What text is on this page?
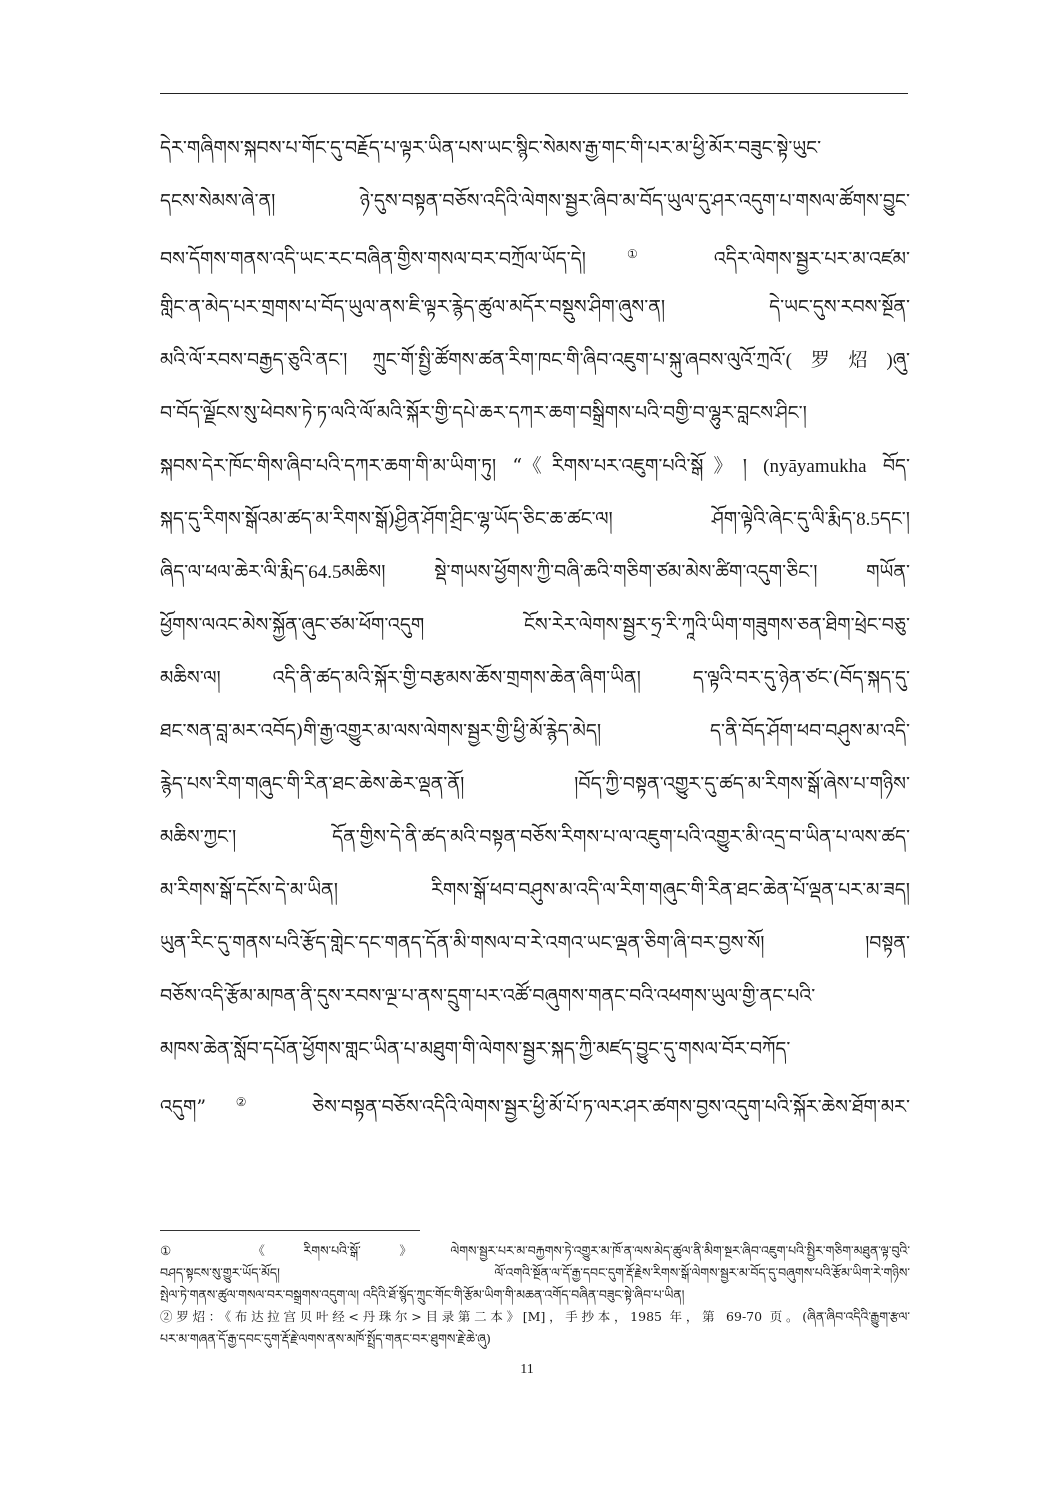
དེར་གཞིགས་སྐབས་པ་གོང་དུ་བརྗོད་པ་ལྟར་ཡིན་པས་ཡང་སྙིང་སེམས་རྒྱ་གང་གི་པར་མ་ཕྱི་མོར་བཟུང་སྟེ་ཡུང་
དངས་སེམས་ཞེ་ན། ཉེ་དུས་བསྟན་བཅོས་འདིའི་ལེགས་སྦྱར་ཞིབ་མ་བོད་ཡུལ་དུ་ཤར་འདུག་པ་གསལ་ཚོགས་བྱུང་
བས་དོགས་གནས་འདི་ཡང་རང་བཞིན་གྱིས་གསལ་བར་བཀྲོལ་ཡོད་དེ།	① འདིར་ལེགས་སྦྱར་པར་མ་འཛམ་
གླིང་ན་མེད་པར་གྲགས་པ་བོད་ཡུལ་ནས་ཇི་ལྟར་རྙེད་ཚུལ་མདོར་བསྡུས་ཤིག་ཞུས་ན། དེ་ཡང་དུས་རབས་སྔོན་
མའི་ལོ་རབས་བརྒྱད་ཅུའི་ནང་། ཀྲུང་གོ་སྤྱི་ཚོགས་ཚན་རིག་ཁང་གི་ཞིབ་འཇུག་པ་སྐུ་ཞབས་ལུའོ་ཀྲའོ་(罗炤)ཞུ་
བ་བོད་ལྗོངས་སུ་ཕེབས་ཏེ་ཏ་ལའི་ལོ་མའི་སྐོར་གྱི་དཔེ་ཆར་དཀར་ཆག་བསྒྲིགས་པའི་བགྱི་བ་ལྷུར་བླངས་ཤིང་།
སྐབས་དེར་ཁོང་གིས་ཞིབ་པའི་དཀར་ཆག་གི་མ་ཡིག་ཏུ། “《རིགས་པར་འཇུག་པའི་སྒོ》། (nyāyamukha བོད་
སྐད་དུ་རིགས་སྒོའམ་ཚད་མ་རིགས་སྒོ)ཤྱིན་ཤོག་ཤྲིང་ལྷ་ཡོད་ཅིང་ཆ་ཚང་ལ། ཤོག་ལྟེའི་ཞེང་དུ་ལི་རྨིད་8.5དང་།
ཞིད་ལ་ཕལ་ཆེར་ལི་རྨིད་64.5མཆིས། སྡེ་གཡས་ཕྱོགས་ཀྱི་བཞི་ཆའི་གཅིག་ཙམ་མེས་ཚིག་འདུག་ཅིང་། གཡོན་
ཕྱོགས་ལའང་མེས་སྐྱོན་ཞུང་ཙམ་ཕོག་འདུག ངོས་རེར་ལེགས་སྦྱར་ཧྲ་རི་ཀཱའི་ཡིག་གཟུགས་ཅན་ཐིག་ཕྲེང་བཅུ་
མཆིས་ལ། འདི་ནི་ཚད་མའི་སྐོར་གྱི་བརྩམས་ཆོས་གྲགས་ཆེན་ཞིག་ཡིན། ད་ལྟའི་བར་དུ་ཉེན་ཙང་(བོད་སྐད་དུ་
ཐང་སན་བླ་མར་འབོད)གི་རྒྱ་འགྱུར་མ་ལས་ལེགས་སྦྱར་གྱི་ཕྱི་མོ་རྙེད་མེད། ད་ནི་བོད་ཤོག་ཕབ་བཤུས་མ་འདི་
རྙེད་པས་རིག་གཞུང་གི་རིན་ཐང་ཆེས་ཆེར་ལྡན་ནོ། །བོད་ཀྱི་བསྟན་འགྱུར་དུ་ཚད་མ་རིགས་སྒོ་ཞེས་པ་གཉིས་
མཆིས་ཀྱང་། དོན་གྱིས་དེ་ནི་ཚད་མའི་བསྟན་བཅོས་རིགས་པ་ལ་འཇུག་པའི་འགྱུར་མི་འདྲ་བ་ཡིན་པ་ལས་ཚད་
མ་རིགས་སྒོ་དངོས་དེ་མ་ཡིན། རིགས་སྒོ་ཕབ་བཤུས་མ་འདི་ལ་རིག་གཞུང་གི་རིན་ཐང་ཆེན་པོ་ལྡན་པར་མ་ཟད།
ཡུན་རིང་དུ་གནས་པའི་རྩོད་གླེང་དང་གནད་དོན་མི་གསལ་བ་རེ་འགའ་ཡང་ལྡན་ཅིག་ཞི་བར་བྱས་སོ། །བསྟན་
བཅོས་འདི་རྩོམ་མཁན་ནི་དུས་རབས་ལྔ་པ་ནས་དྲུག་པར་འཚོ་བཞུགས་གནང་བའི་འཕགས་ཡུལ་གྱི་ནང་པའི་
མཁས་ཆེན་སློབ་དཔོན་ཕྱོགས་གླང་ཡིན་པ་མཐུག་གི་ལེགས་སྦྱར་སྐད་ཀྱི་མཛད་བྱུང་དུ་གསལ་བོར་བཀོད་
འདུག”② ཅེས་བསྟན་བཅོས་འདིའི་ལེགས་སྦྱར་ཕྱི་མོ་པོ་ཏ་ལར་ཤར་ཚགས་བྱས་འདུག་པའི་སྐོར་ཆེས་ཐོག་མར་
① 《རིགས་པའི་སྒོ་》ལེགས་སྦྱར་པར་མ་བརྐྱགས་ཏེ་འགྱུར་མ་ཁོ་ན་ལས་མེད་ཚུལ་ནི་མིག་སྔར་ཞིབ་འཇུག་པའི་སྤྱིར་གཅིག་མཐུན་ལྟ་བུའི་
བཤད་སྟངས་སུ་གྱུར་ཡོད་མོད། ལོ་འགའི་སྔོན་ལ་དོ་རྒྱ་དབང་དུག་རྡོ་རྗེས་རིགས་སྒོ་ལེགས་སྦྱར་མ་བོད་དུ་བཞུགས་པའི་རྩོམ་ཡིག་རེ་གཉིས་
སྤེལ་ཏེ་གནས་ཚུལ་གསལ་བར་བསྒྲགས་འདུག་ལ། འདིའི་ཐོ་སྙོད་ཀྲུང་གོང་གི་རྩོམ་ཡིག་གི་མཆན་འགོད་བཞིན་བཟུང་སྟེ་ཞིབ་པ་ཡིན།
②罗炤：《布达拉宫贝叶经<丹珠尔>目录第二本》[M]，手抄本，1985 年，第 69-70 页。(ཞིན་ཞིབ་འདིའི་རྒྱུག་རྩལ་
པར་མ་གཞན་དོ་རྒྱ་དབང་དུག་རྡོ་རྗེ་ལགས་ནས་མཁོ་སྤྲོད་གནང་བར་ཐུགས་རྗེ་ཆེ་ཞུ)
11
